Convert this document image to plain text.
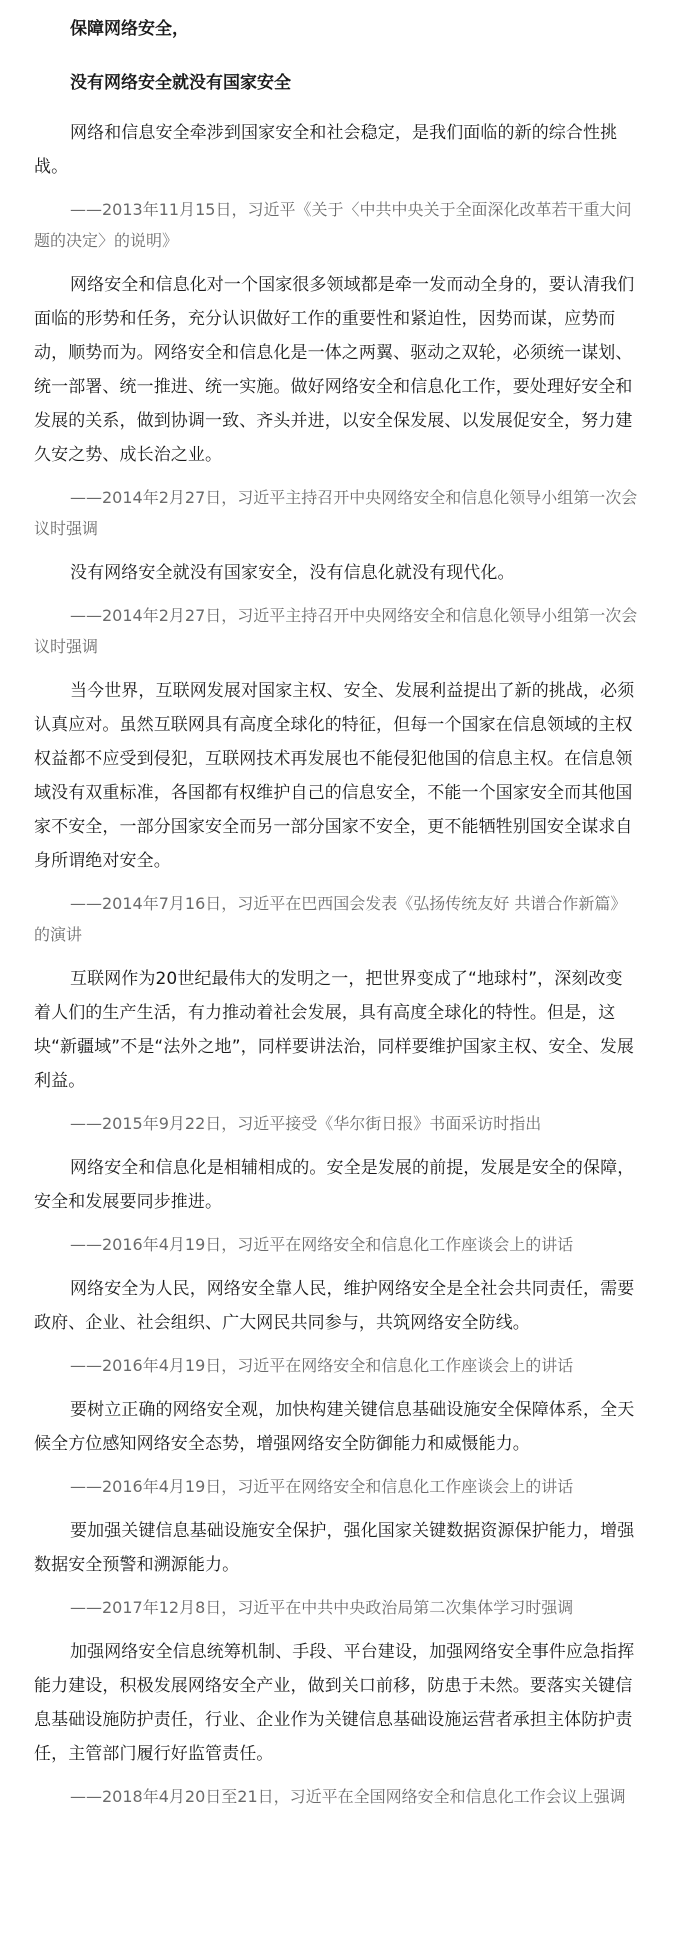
保障网络安全，
没有网络安全就没有国家安全

网络和信息安全牵涉到国家安全和社会稳定，是我们面临的新的综合性挑战。

——2013年11月15日，习近平《关于〈中共中央关于全面深化改革若干重大问题的决定〉的说明》

网络安全和信息化对一个国家很多领域都是牵一发而动全身的，要认清我们面临的形势和任务，充分认识做好工作的重要性和紧迫性，因势而谋，应势而动，顺势而为。网络安全和信息化是一体之两翼、驱动之双轮，必须统一谋划、统一部署、统一推进、统一实施。做好网络安全和信息化工作，要处理好安全和发展的关系，做到协调一致、齐头并进，以安全保发展、以发展促安全，努力建久安之势、成长治之业。

——2014年2月27日，习近平主持召开中央网络安全和信息化领导小组第一次会议时强调

没有网络安全就没有国家安全，没有信息化就没有现代化。

——2014年2月27日，习近平主持召开中央网络安全和信息化领导小组第一次会议时强调

当今世界，互联网发展对国家主权、安全、发展利益提出了新的挑战，必须认真应对。虽然互联网具有高度全球化的特征，但每一个国家在信息领域的主权权益都不应受到侵犯，互联网技术再发展也不能侵犯他国的信息主权。在信息领域没有双重标准，各国都有权维护自己的信息安全，不能一个国家安全而其他国家不安全，一部分国家安全而另一部分国家不安全，更不能牺牲别国安全谋求自身所谓绝对安全。

——2014年7月16日，习近平在巴西国会发表《弘扬传统友好 共谱合作新篇》的演讲

互联网作为20世纪最伟大的发明之一，把世界变成了“地球村”，深刻改变着人们的生产生活，有力推动着社会发展，具有高度全球化的特性。但是，这块“新疆域”不是“法外之地”，同样要讲法治，同样要维护国家主权、安全、发展利益。

——2015年9月22日，习近平接受《华尔街日报》书面采访时指出

网络安全和信息化是相辅相成的。安全是发展的前提，发展是安全的保障，安全和发展要同步推进。

——2016年4月19日，习近平在网络安全和信息化工作座谈会上的讲话

网络安全为人民，网络安全靠人民，维护网络安全是全社会共同责任，需要政府、企业、社会组织、广大网民共同参与，共筑网络安全防线。

——2016年4月19日，习近平在网络安全和信息化工作座谈会上的讲话

要树立正确的网络安全观，加快构建关键信息基础设施安全保障体系，全天候全方位感知网络安全态势，增强网络安全防御能力和威慑能力。

——2016年4月19日，习近平在网络安全和信息化工作座谈会上的讲话

要加强关键信息基础设施安全保护，强化国家关键数据资源保护能力，增强数据安全预警和溯源能力。

——2017年12月8日，习近平在中共中央政治局第二次集体学习时强调

加强网络安全信息统筹机制、手段、平台建设，加强网络安全事件应急指挥能力建设，积极发展网络安全产业，做到关口前移，防患于未然。要落实关键信息基础设施防护责任，行业、企业作为关键信息基础设施运营者承担主体防护责任，主管部门履行好监管责任。

——2018年4月20日至21日，习近平在全国网络安全和信息化工作会议上强调
